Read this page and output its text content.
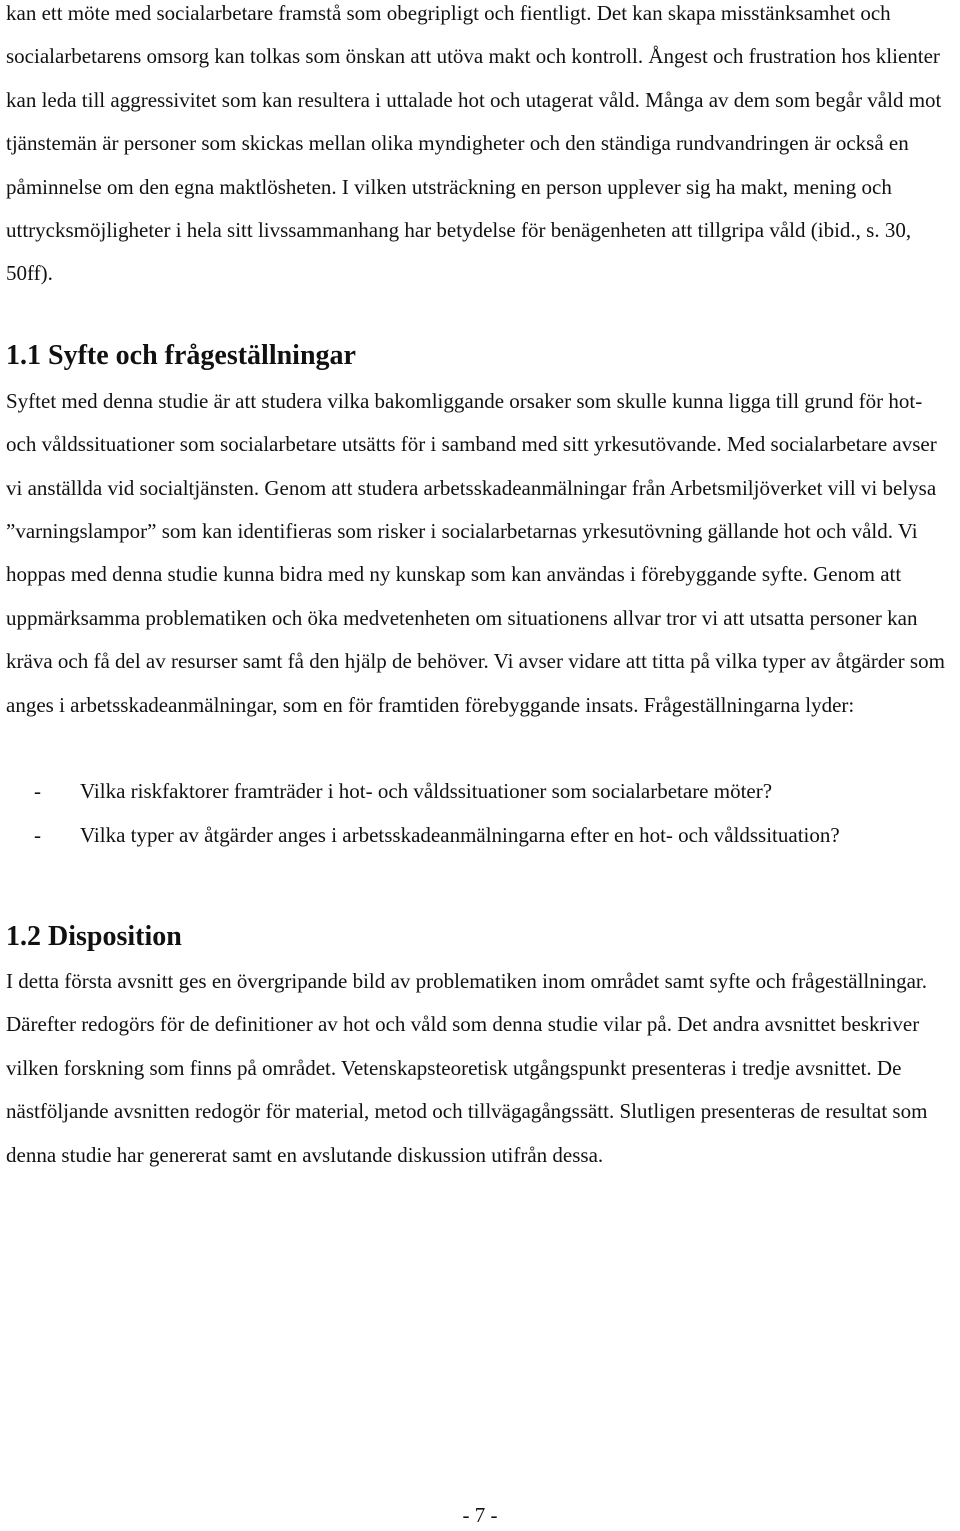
kan ett möte med socialarbetare framstå som obegripligt och fientligt. Det kan skapa misstänksamhet och socialarbetarens omsorg kan tolkas som önskan att utöva makt och kontroll. Ångest och frustration hos klienter kan leda till aggressivitet som kan resultera i uttalade hot och utagerat våld. Många av dem som begår våld mot tjänstemän är personer som skickas mellan olika myndigheter och den ständiga rundvandringen är också en påminnelse om den egna maktlösheten. I vilken utsträckning en person upplever sig ha makt, mening och uttrycksmöjligheter i hela sitt livssammanhang har betydelse för benägenheten att tillgripa våld (ibid., s. 30, 50ff).

1.1 Syfte och frågeställningar

Syftet med denna studie är att studera vilka bakomliggande orsaker som skulle kunna ligga till grund för hot- och våldssituationer som socialarbetare utsätts för i samband med sitt yrkesutövande. Med socialarbetare avser vi anställda vid socialtjänsten. Genom att studera arbetsskadeanmälningar från Arbetsmiljöverket vill vi belysa ”varningslampor” som kan identifieras som risker i socialarbetarnas yrkesutövning gällande hot och våld. Vi hoppas med denna studie kunna bidra med ny kunskap som kan användas i förebyggande syfte. Genom att uppmärksamma problematiken och öka medvetenheten om situationens allvar tror vi att utsatta personer kan kräva och få del av resurser samt få den hjälp de behöver. Vi avser vidare att titta på vilka typer av åtgärder som anges i arbetsskadeanmälningar, som en för framtiden förebyggande insats. Frågeställningarna lyder:

- Vilka riskfaktorer framträder i hot- och våldssituationer som socialarbetare möter?
- Vilka typer av åtgärder anges i arbetsskadeanmälningarna efter en hot- och våldssituation?
1.2 Disposition

I detta första avsnitt ges en övergripande bild av problematiken inom området samt syfte och frågeställningar. Därefter redogörs för de definitioner av hot och våld som denna studie vilar på. Det andra avsnittet beskriver vilken forskning som finns på området. Vetenskapsteoretisk utgångspunkt presenteras i tredje avsnittet. De nästföljande avsnitten redogör för material, metod och tillvägagångssätt. Slutligen presenteras de resultat som denna studie har genererat samt en avslutande diskussion utifrån dessa.

- 7 -
